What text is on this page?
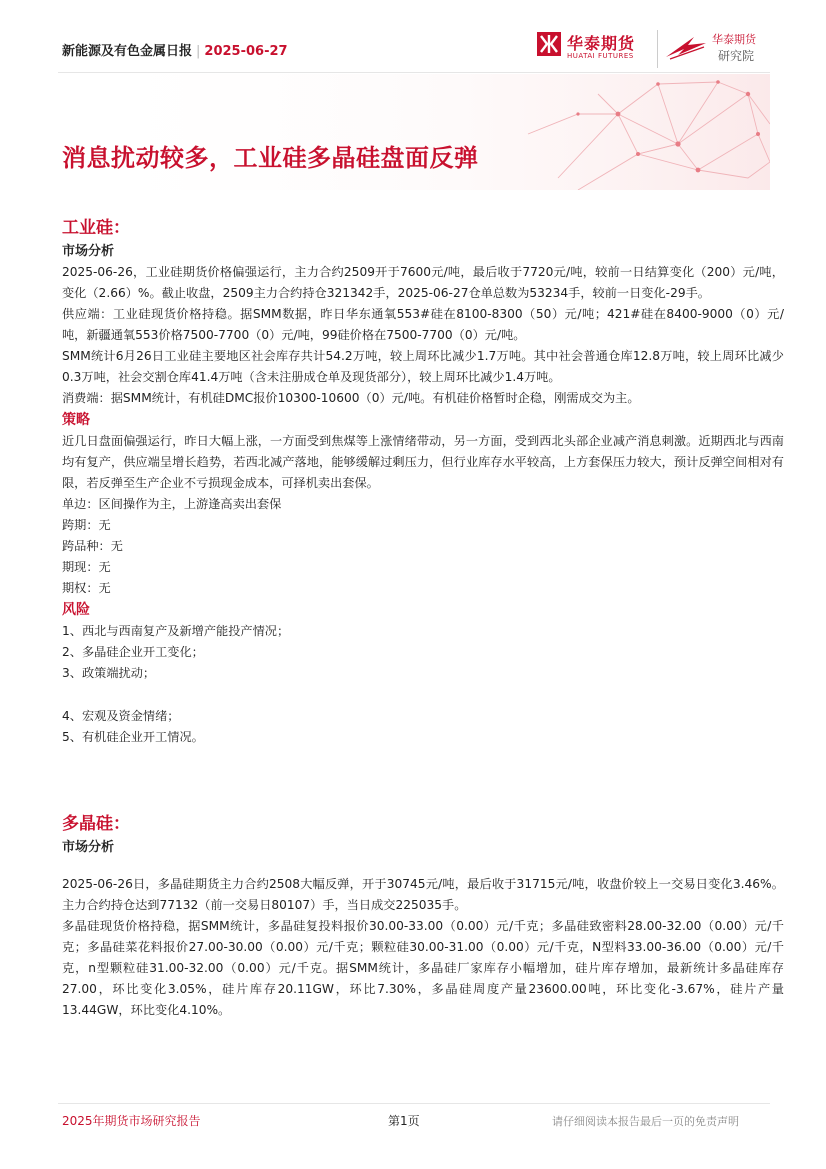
新能源及有色金属日报 | 2025-06-27	华泰期货
HUATAI FUTURES
华泰期货
研究院
消息扰动较多，工业硅多晶硅盘面反弹
工业硅：
市场分析

2025-06-26，工业硅期货价格偏强运行，主力合约2509开于7600元/吨，最后收于7720元/吨，较前一日结算变化（200）元/吨，变化（2.66）%。截止收盘，2509主力合约持仓321342手，2025-06-27仓单总数为53234手，较前一日变化-29手。

供应端：工业硅现货价格持稳。据SMM数据，昨日华东通氧553#硅在8100-8300（50）元/吨；421#硅在8400-9000（0）元/吨，新疆通氧553价格7500-7700（0）元/吨，99硅价格在7500-7700（0）元/吨。

SMM统计6月26日工业硅主要地区社会库存共计54.2万吨，较上周环比减少1.7万吨。其中社会普通仓库12.8万吨，较上周环比减少0.3万吨，社会交割仓库41.4万吨（含未注册成仓单及现货部分），较上周环比减少1.4万吨。

消费端：据SMM统计，有机硅DMC报价10300-10600（0）元/吨。有机硅价格暂时企稳，刚需成交为主。

策略

近几日盘面偏强运行，昨日大幅上涨，一方面受到焦煤等上涨情绪带动，另一方面，受到西北头部企业减产消息刺激。近期西北与西南均有复产，供应端呈增长趋势，若西北减产落地，能够缓解过剩压力，但行业库存水平较高，上方套保压力较大，预计反弹空间相对有限，若反弹至生产企业不亏损现金成本，可择机卖出套保。

单边：区间操作为主，上游逢高卖出套保

跨期：无

跨品种：无

期现：无

期权：无

风险

1、西北与西南复产及新增产能投产情况；

2、多晶硅企业开工变化；

3、政策端扰动；

4、宏观及资金情绪；

5、有机硅企业开工情况。

多晶硅：
市场分析

2025-06-26日，多晶硅期货主力合约2508大幅反弹，开于30745元/吨，最后收于31715元/吨，收盘价较上一交易日变化3.46%。主力合约持仓达到77132（前一交易日80107）手，当日成交225035手。

多晶硅现货价格持稳，据SMM统计，多晶硅复投料报价30.00-33.00（0.00）元/千克；多晶硅致密料28.00-32.00（0.00）元/千克；多晶硅菜花料报价27.00-30.00（0.00）元/千克；颗粒硅30.00-31.00（0.00）元/千克，N型料33.00-36.00（0.00）元/千克，n型颗粒硅31.00-32.00（0.00）元/千克。据SMM统计，多晶硅厂家库存小幅增加，硅片库存增加，最新统计多晶硅库存27.00，环比变化3.05%，硅片库存20.11GW，环比7.30%，多晶硅周度产量23600.00吨，环比变化-3.67%，硅片产量13.44GW，环比变化4.10%。

2025年期货市场研究报告	第1页	请仔细阅读本报告最后一页的免责声明
